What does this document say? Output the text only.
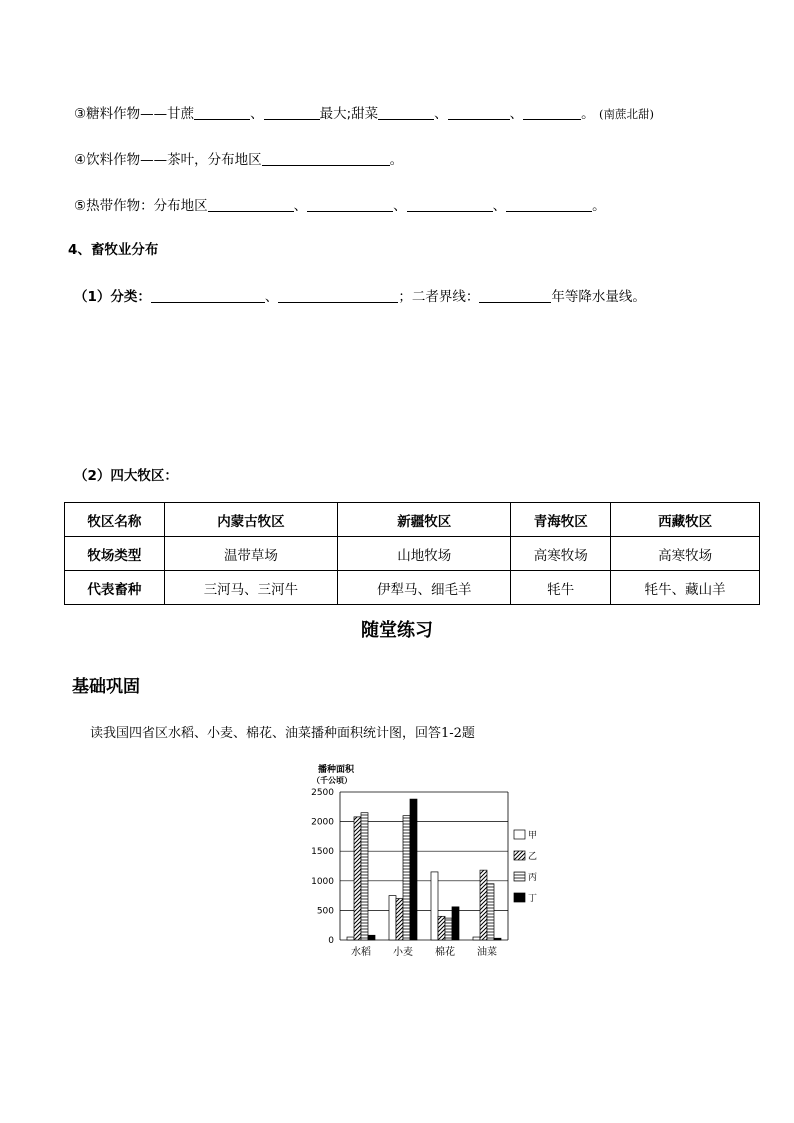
③糖料作物——甘蔗	、	最大;甜菜	、	、	。 (南蔗北甜)
④饮料作物——茶叶，分布地区	。
⑤热带作物：分布地区	、	、	、	。
4、畜牧业分布
（1）分类：	、	；二者界线：	年等降水量线。
（2）四大牧区：
牧区名称	内蒙古牧区	新疆牧区	青海牧区	西藏牧区
牧场类型	温带草场	山地牧场	高寒牧场	高寒牧场
代表畜种	三河马、三河牛	伊犁马、细毛羊	牦牛	牦牛、藏山羊
随堂练习
基础巩固
读我国四省区水稻、小麦、棉花、油菜播种面积统计图，回答1-2题
播种面积
（千公顷）
2500
2000
1500
1000
500
0
水稻 小麦 棉花 油菜
甲
乙
丙
丁
